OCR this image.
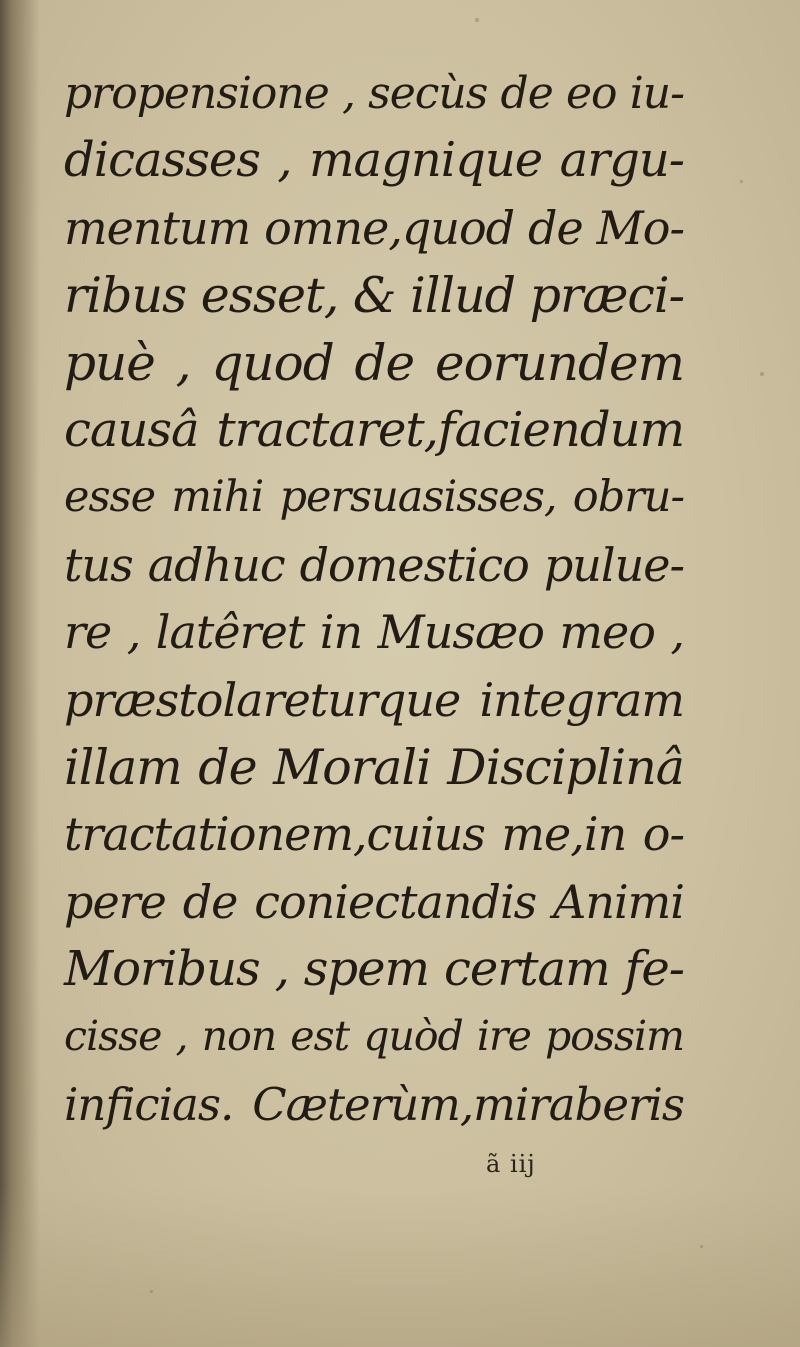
propensione , secùs de eo iu-
dicasses , magnique argu-
mentum omne,quod de Mo-
ribus esset, & illud præci-
puè , quod de eorundem
causâ tractaret,faciendum
esse mihi persuasisses, obru-
tus adhuc domestico pulue-
re , latêret in Musæo meo ,
præstolareturque integram
illam de Morali Disciplinâ
tractationem,cuius me,in o-
pere de coniectandis Animi
Moribus , spem certam fe-
cisse , non est quòd ire possim
inficias. Cæterùm,miraberis
ã iij
